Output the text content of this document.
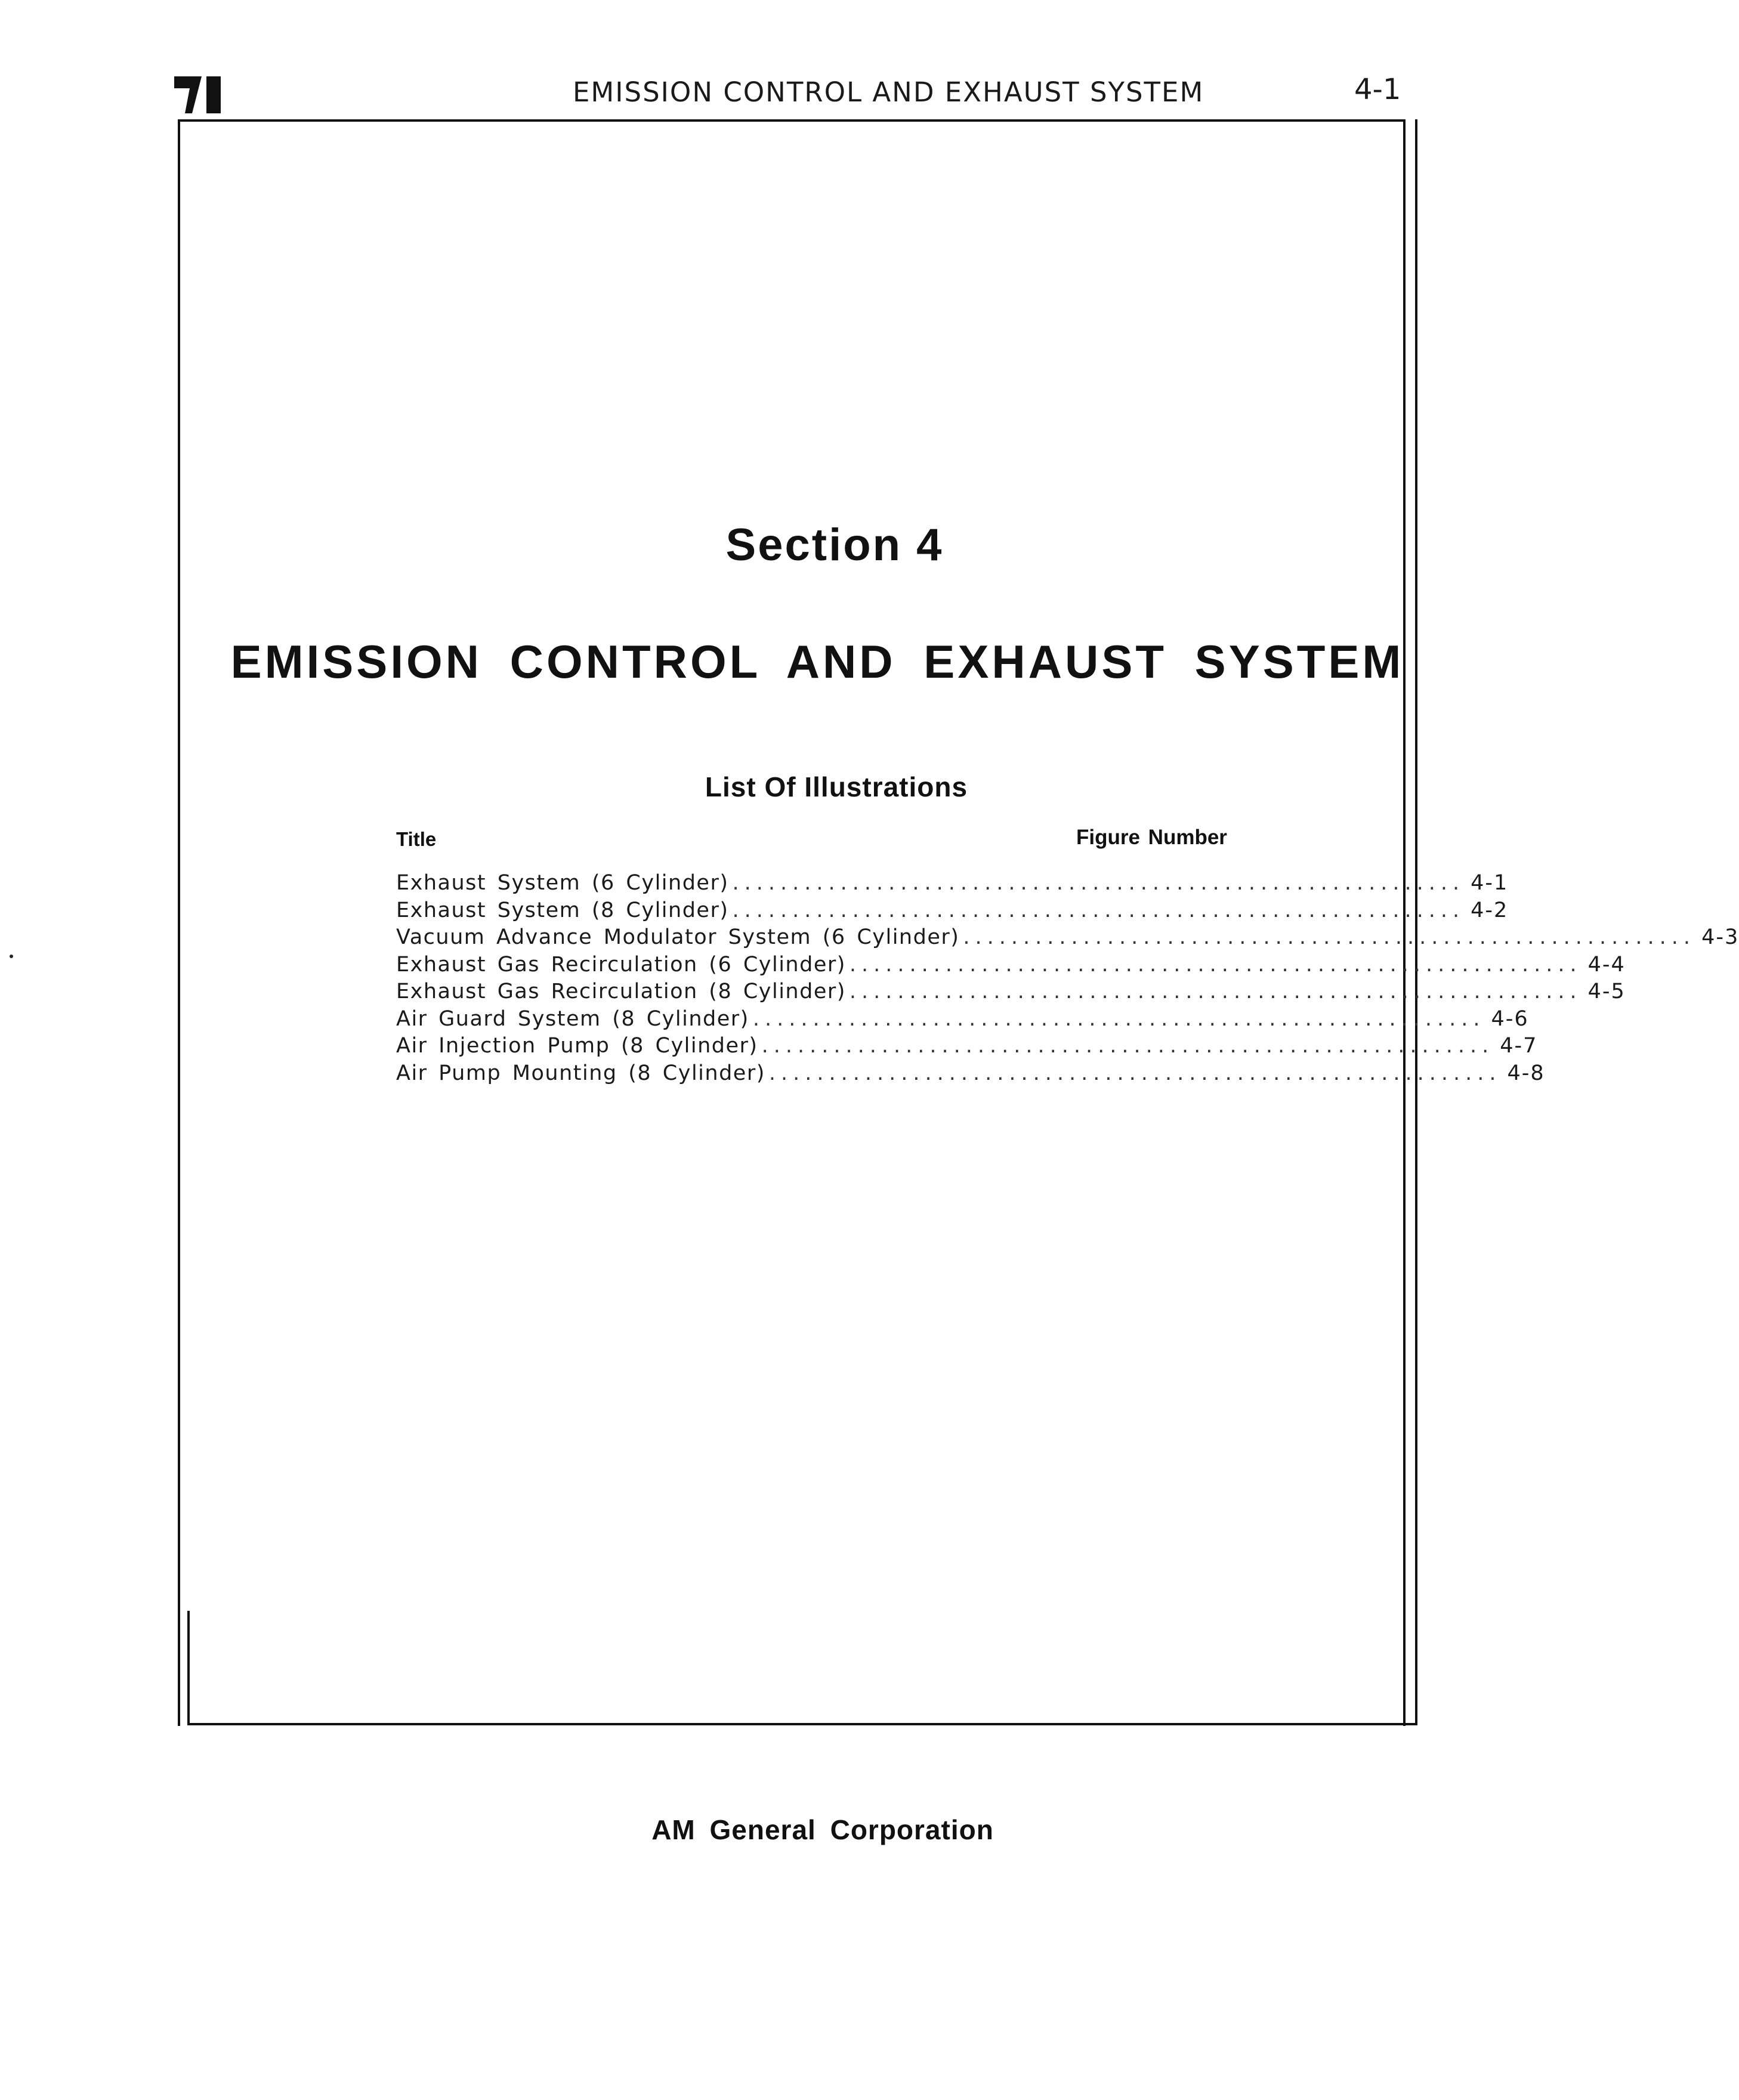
EMISSION CONTROL AND EXHAUST SYSTEM	4-1
Section 4
EMISSION CONTROL AND EXHAUST SYSTEM
List Of Illustrations
Title	Figure Number
Exhaust System (6 Cylinder) ............................................................. 4-1
Exhaust System (8 Cylinder) ............................................................. 4-2
Vacuum Advance Modulator System (6 Cylinder) ............................................................. 4-3
Exhaust Gas Recirculation (6 Cylinder) ............................................................. 4-4
Exhaust Gas Recirculation (8 Cylinder) ............................................................. 4-5
Air Guard System (8 Cylinder) ............................................................. 4-6
Air Injection Pump (8 Cylinder) ............................................................. 4-7
Air Pump Mounting (8 Cylinder) ............................................................. 4-8
AM General Corporation
